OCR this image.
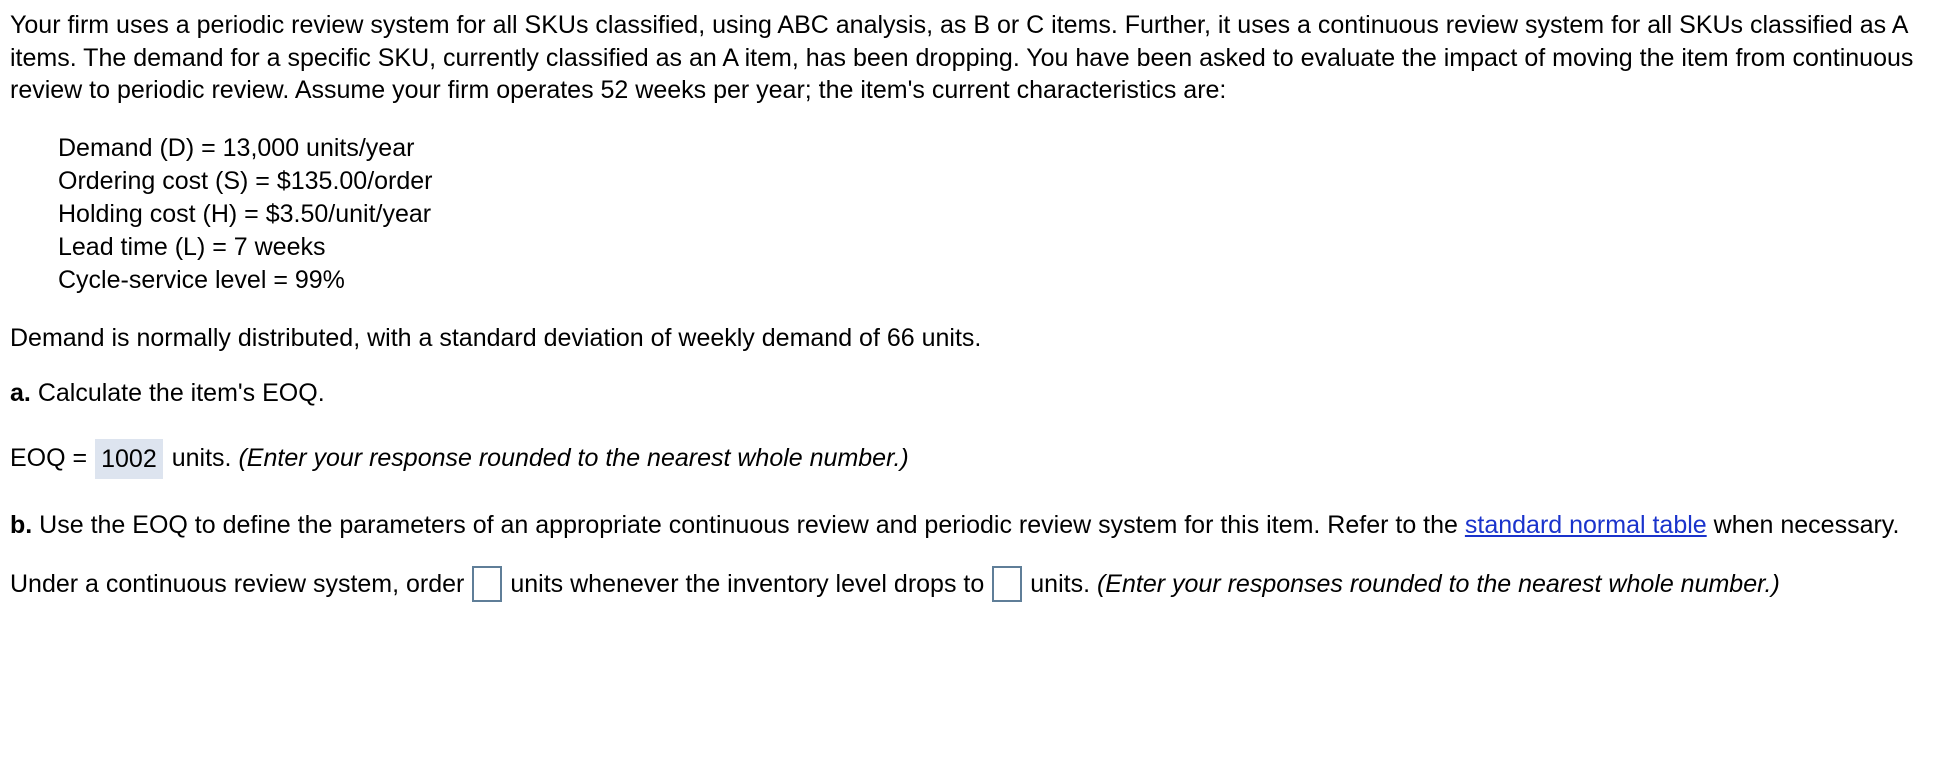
Your firm uses a periodic review system for all SKUs classified, using ABC analysis, as B or C items. Further, it uses a continuous review system for all SKUs classified as A items. The demand for a specific SKU, currently classified as an A item, has been dropping. You have been asked to evaluate the impact of moving the item from continuous review to periodic review. Assume your firm operates 52 weeks per year; the item's current characteristics are:

Demand (D) = 13,000 units/year
Ordering cost (S) = $135.00/order
Holding cost (H) = $3.50/unit/year
Lead time (L) = 7 weeks
Cycle-service level = 99%

Demand is normally distributed, with a standard deviation of weekly demand of 66 units.

a. Calculate the item's EOQ.

EOQ = 1002 units.
(Enter your response rounded to the nearest whole number.)

b. Use the EOQ to define the parameters of an appropriate continuous review and periodic review system for this item. Refer to the standard normal table when necessary.

Under a continuous review system, order units whenever the inventory level drops to units.
(Enter your responses rounded to the nearest whole number.)
